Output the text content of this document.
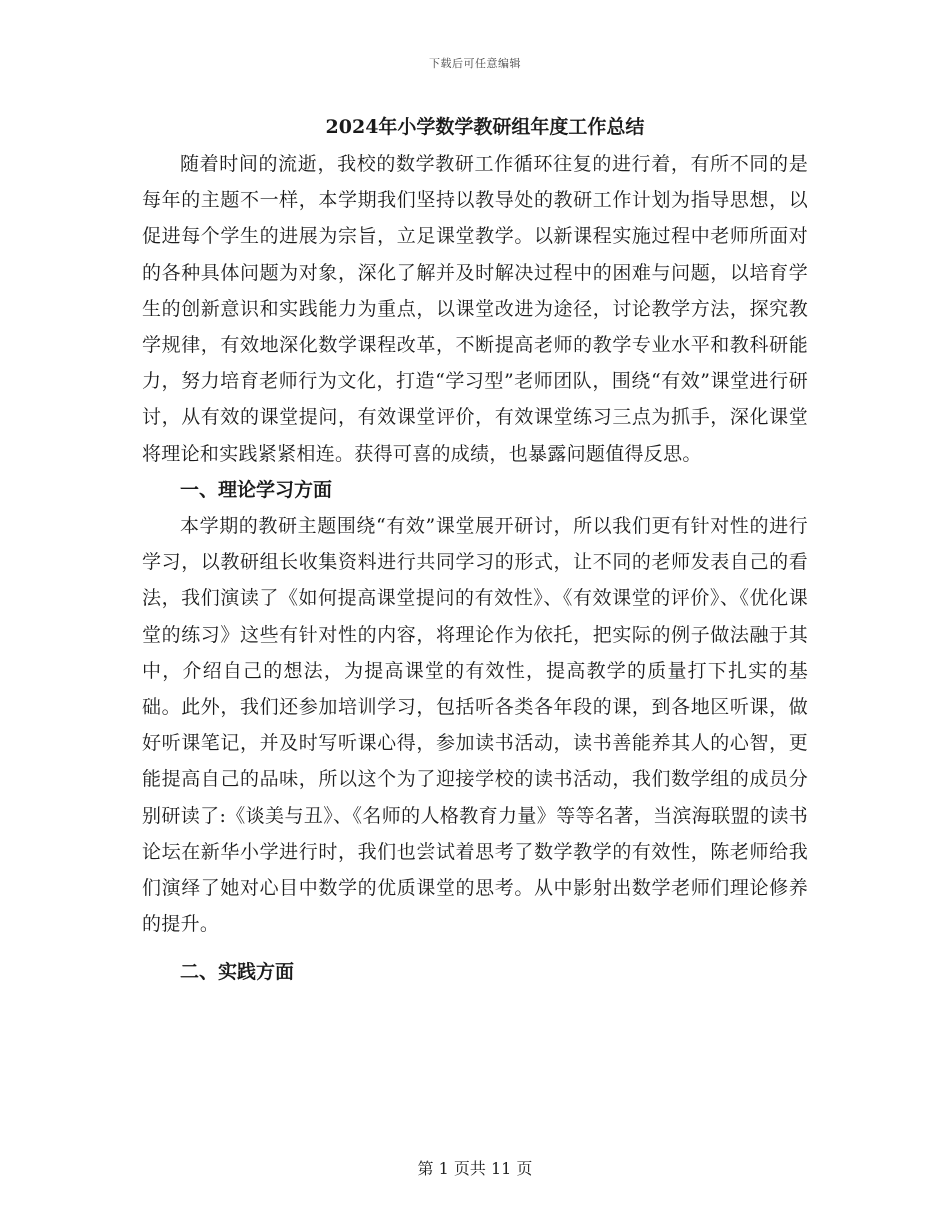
下载后可任意编辑
2024年小学数学教研组年度工作总结

随着时间的流逝，我校的数学教研工作循环往复的进行着，有所不同的是每年的主题不一样，本学期我们坚持以教导处的教研工作计划为指导思想，以促进每个学生的进展为宗旨，立足课堂教学。以新课程实施过程中老师所面对的各种具体问题为对象，深化了解并及时解决过程中的困难与问题，以培育学生的创新意识和实践能力为重点，以课堂改进为途径，讨论教学方法，探究教学规律，有效地深化数学课程改革，不断提高老师的教学专业水平和教科研能力，努力培育老师行为文化，打造“学习型”老师团队，围绕“有效”课堂进行研讨，从有效的课堂提问，有效课堂评价，有效课堂练习三点为抓手，深化课堂将理论和实践紧紧相连。获得可喜的成绩，也暴露问题值得反思。

一、理论学习方面

本学期的教研主题围绕“有效”课堂展开研讨，所以我们更有针对性的进行学习，以教研组长收集资料进行共同学习的形式，让不同的老师发表自己的看法，我们演读了《如何提高课堂提问的有效性》、《有效课堂的评价》、《优化课堂的练习》这些有针对性的内容，将理论作为依托，把实际的例子做法融于其中，介绍自己的想法，为提高课堂的有效性，提高教学的质量打下扎实的基础。此外，我们还参加培训学习，包括听各类各年段的课，到各地区听课，做好听课笔记，并及时写听课心得，参加读书活动，读书善能养其人的心智，更能提高自己的品味，所以这个为了迎接学校的读书活动，我们数学组的成员分别研读了:《谈美与丑》、《名师的人格教育力量》等等名著，当滨海联盟的读书论坛在新华小学进行时，我们也尝试着思考了数学教学的有效性，陈老师给我们演绎了她对心目中数学的优质课堂的思考。从中影射出数学老师们理论修养的提升。

二、实践方面

第 1 页共 11 页
